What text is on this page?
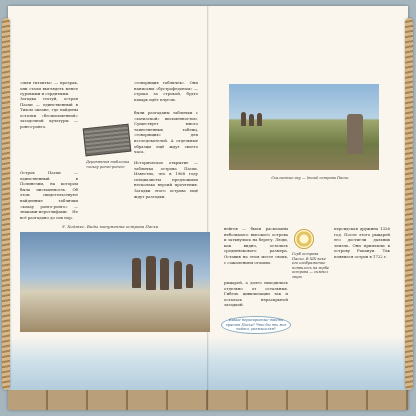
«шли гиганты» — прозрак, они стали выглядеть менее суровыми и сердитыми.
Загадка статуй, острая Пасхи — единственный в Тихом океане, где найдены остатки «бесписьменной» загадочной культуры — ронго-ронго.
Остров Пасхи — единственный в Полинезии, на котором была письменность. Об этом свидетельствуют найденные таблички «кохау ронго-ронго» — знаками-иероглифами. Не всё разгадано до сих пор.
Деревянная табличка «кохау ронго-ронго»
«говорящих табличек». Они написаны «бустрофедоном» — строка за строкой, будто пахарь идёт плугом.
были разгаданы таблички с «хатизской» письменностью. Существует много таинственных таблиц, «говорящих» для исследователей. А отдельные образцы ещё ждут своего часа.
Историческое открытие — табличка острова Пасхи. Известно, что в 1968 году специалисты предложили несколько версий прочтения. Загадки этого острова ещё ждут разгадки.
Скалистые аху — (moai) острова Пасхи
У. Ходжес. Виды монумента острова Пасхи	вейгов — были раскопаны небольшого высокого острова и заткнулись на берегу. Люди, как видно, остались средневекового размера. Оставив на этом месте своих, с сожалением отошли.
рыцарей, а долго находились отдельно от остальных. Гибель цивилизации так и осталась нераскрытой загадкой.
Герб острова Пасхи. В XIX веке его изображение появилось на гербе острова — символ мира
персидская дружина 1326 год. После этого рыцарей его достигли дальних земель. Они приплыли к острову Рапануи. Так появился остров в 1722 г.
Какие нераскрытые тайны хранит Пасха? Что бы ты мог найти, размышляя?
